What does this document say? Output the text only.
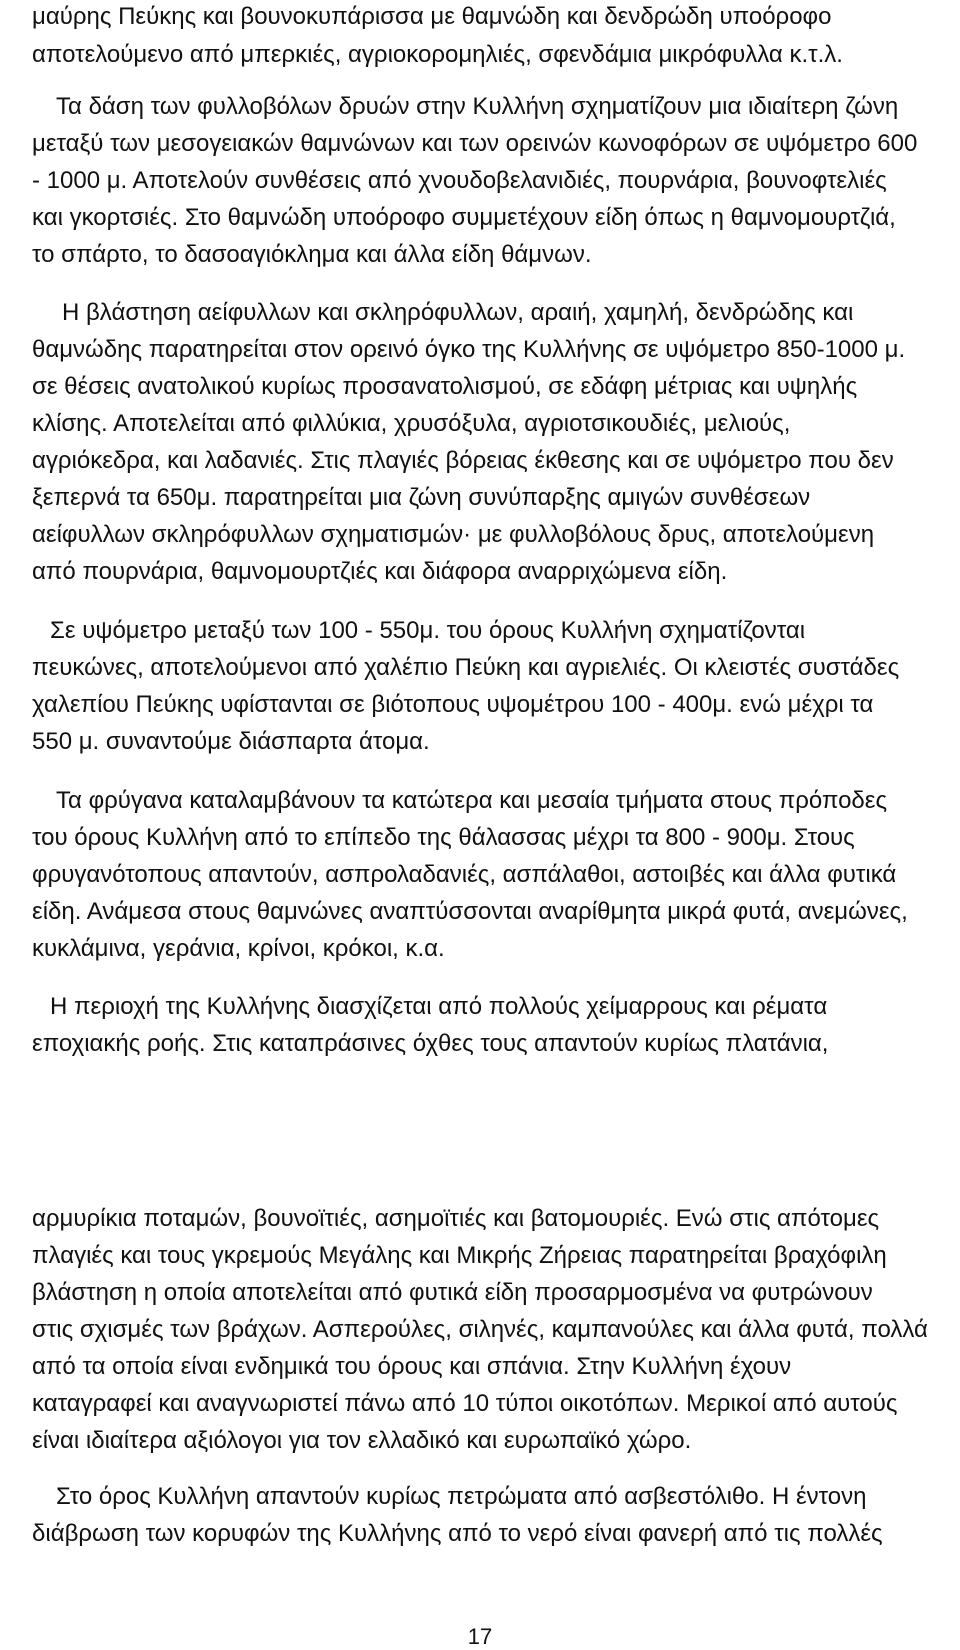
μαύρης Πεύκης και βουνοκυπάρισσα με θαμνώδη και δενδρώδη υποόροφο
αποτελούμενο από μπερκιές, αγριοκορομηλιές, σφενδάμια μικρόφυλλα κ.τ.λ.
Τα δάση των φυλλοβόλων δρυών στην Κυλλήνη σχηματίζουν μια ιδιαίτερη ζώνη
μεταξύ των μεσογειακών θαμνώνων και των ορεινών κωνοφόρων σε υψόμετρο 600
- 1000 μ. Αποτελούν συνθέσεις από χνουδοβελανιδιές, πουρνάρια, βουνοφτελιές
και γκορτσιές. Στο θαμνώδη υποόροφο συμμετέχουν είδη όπως η θαμνομουρτζιά,
το σπάρτο, το δασοαγιόκλημα και άλλα είδη θάμνων.
Η βλάστηση αείφυλλων και σκληρόφυλλων, αραιή, χαμηλή, δενδρώδης και
θαμνώδης παρατηρείται στον ορεινό όγκο της Κυλλήνης σε υψόμετρο 850-1000 μ.
σε θέσεις ανατολικού κυρίως προσανατολισμού, σε εδάφη μέτριας και υψηλής
κλίσης. Αποτελείται από φιλλύκια, χρυσόξυλα, αγριοτσικουδιές, μελιούς,
αγριόκεδρα, και λαδανιές. Στις πλαγιές βόρειας έκθεσης και σε υψόμετρο που δεν
ξεπερνά τα 650μ. παρατηρείται μια ζώνη συνύπαρξης αμιγών συνθέσεων
αείφυλλων σκληρόφυλλων σχηματισμών· με φυλλοβόλους δρυς, αποτελούμενη
από πουρνάρια, θαμνομουρτζιές και διάφορα αναρριχώμενα είδη.
Σε υψόμετρο μεταξύ των 100 - 550μ. του όρους Κυλλήνη σχηματίζονται
πευκώνες, αποτελούμενοι από χαλέπιο Πεύκη και αγριελιές. Οι κλειστές συστάδες
χαλεπίου Πεύκης υφίστανται σε βιότοπους υψομέτρου 100 - 400μ. ενώ μέχρι τα
550 μ. συναντούμε διάσπαρτα άτομα.
Τα φρύγανα καταλαμβάνουν τα κατώτερα και μεσαία τμήματα στους πρόποδες
του όρους Κυλλήνη από το επίπεδο της θάλασσας μέχρι τα 800 - 900μ. Στους
φρυγανότοπους απαντούν, ασπρολαδανιές, ασπάλαθοι, αστοιβές και άλλα φυτικά
είδη. Ανάμεσα στους θαμνώνες αναπτύσσονται αναρίθμητα μικρά φυτά, ανεμώνες,
κυκλάμινα, γεράνια, κρίνοι, κρόκοι, κ.α.
Η περιοχή της Κυλλήνης διασχίζεται από πολλούς χείμαρρους και ρέματα
εποχιακής ροής. Στις καταπράσινες όχθες τους απαντούν κυρίως πλατάνια,
αρμυρίκια ποταμών, βουνοϊτιές, ασημοϊτιές και βατομουριές. Ενώ στις απότομες
πλαγιές και τους γκρεμούς Μεγάλης και Μικρής Ζήρειας παρατηρείται βραχόφιλη
βλάστηση η οποία αποτελείται από φυτικά είδη προσαρμοσμένα να φυτρώνουν
στις σχισμές των βράχων. Ασπερούλες, σιληνές, καμπανούλες και άλλα φυτά, πολλά
από τα οποία είναι ενδημικά του όρους και σπάνια. Στην Κυλλήνη έχουν
καταγραφεί και αναγνωριστεί πάνω από 10 τύποι οικοτόπων. Μερικοί από αυτούς
είναι ιδιαίτερα αξιόλογοι για τον ελλαδικό και ευρωπαϊκό χώρο.
Στο όρος Κυλλήνη απαντούν κυρίως πετρώματα από ασβεστόλιθο. Η έντονη
διάβρωση των κορυφών της Κυλλήνης από το νερό είναι φανερή από τις πολλές
17
